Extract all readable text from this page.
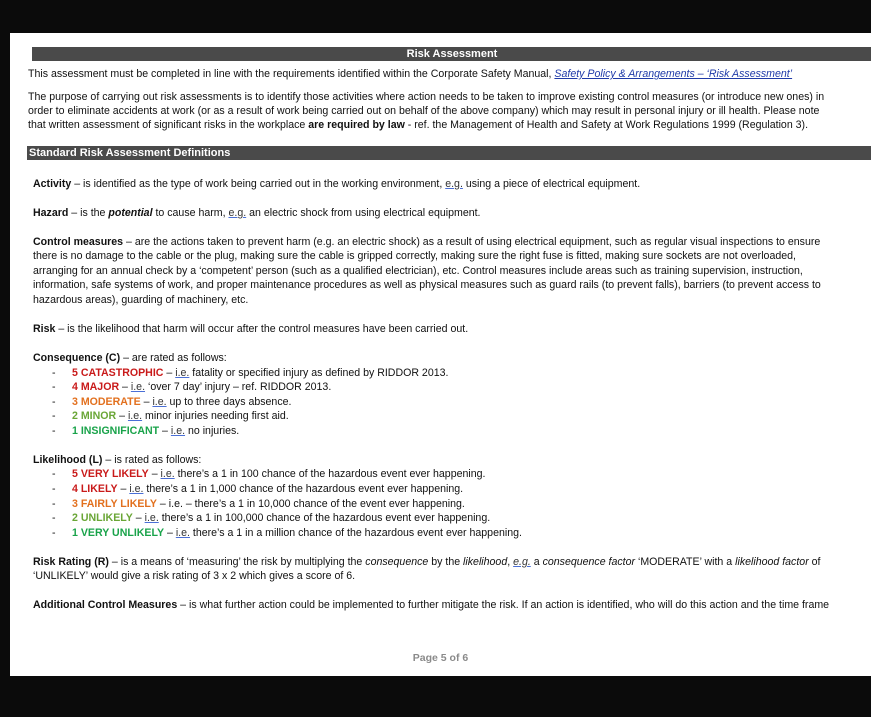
Risk Assessment
This assessment must be completed in line with the requirements identified within the Corporate Safety Manual, Safety Policy & Arrangements – ‘Risk Assessment’
The purpose of carrying out risk assessments is to identify those activities where action needs to be taken to improve existing control measures (or introduce new ones) in
order to eliminate accidents at work (or as a result of work being carried out on behalf of the above company) which may result in personal injury or ill health. Please note
that written assessment of significant risks in the workplace are required by law - ref. the Management of Health and Safety at Work Regulations 1999 (Regulation 3).
Standard Risk Assessment Definitions
Activity – is identified as the type of work being carried out in the working environment, e.g. using a piece of electrical equipment.
Hazard – is the potential to cause harm, e.g. an electric shock from using electrical equipment.
Control measures – are the actions taken to prevent harm (e.g. an electric shock) as a result of using electrical equipment, such as regular visual inspections to ensure
there is no damage to the cable or the plug, making sure the cable is gripped correctly, making sure the right fuse is fitted, making sure sockets are not overloaded,
arranging for an annual check by a ‘competent’ person (such as a qualified electrician), etc. Control measures include areas such as training supervision, instruction,
information, safe systems of work, and proper maintenance procedures as well as physical measures such as guard rails (to prevent falls), barriers (to prevent access to
hazardous areas), guarding of machinery, etc.
Risk – is the likelihood that harm will occur after the control measures have been carried out.
Consequence (C) – are rated as follows:
- 5 CATASTROPHIC – i.e. fatality or specified injury as defined by RIDDOR 2013.
- 4 MAJOR – i.e. ‘over 7 day’ injury – ref. RIDDOR 2013.
- 3 MODERATE – i.e. up to three days absence.
- 2 MINOR – i.e. minor injuries needing first aid.
- 1 INSIGNIFICANT – i.e. no injuries.
Likelihood (L) – is rated as follows:
- 5 VERY LIKELY – i.e. there’s a 1 in 100 chance of the hazardous event ever happening.
- 4 LIKELY – i.e. there’s a 1 in 1,000 chance of the hazardous event ever happening.
- 3 FAIRLY LIKELY – i.e. – there’s a 1 in 10,000 chance of the event ever happening.
- 2 UNLIKELY – i.e. there’s a 1 in 100,000 chance of the hazardous event ever happening.
- 1 VERY UNLIKELY – i.e. there’s a 1 in a million chance of the hazardous event ever happening.
Risk Rating (R) – is a means of ‘measuring’ the risk by multiplying the consequence by the likelihood, e.g. a consequence factor ‘MODERATE’ with a likelihood factor of
‘UNLIKELY’ would give a risk rating of 3 x 2 which gives a score of 6.
Additional Control Measures – is what further action could be implemented to further mitigate the risk. If an action is identified, who will do this action and the time frame
Page 5 of 6
